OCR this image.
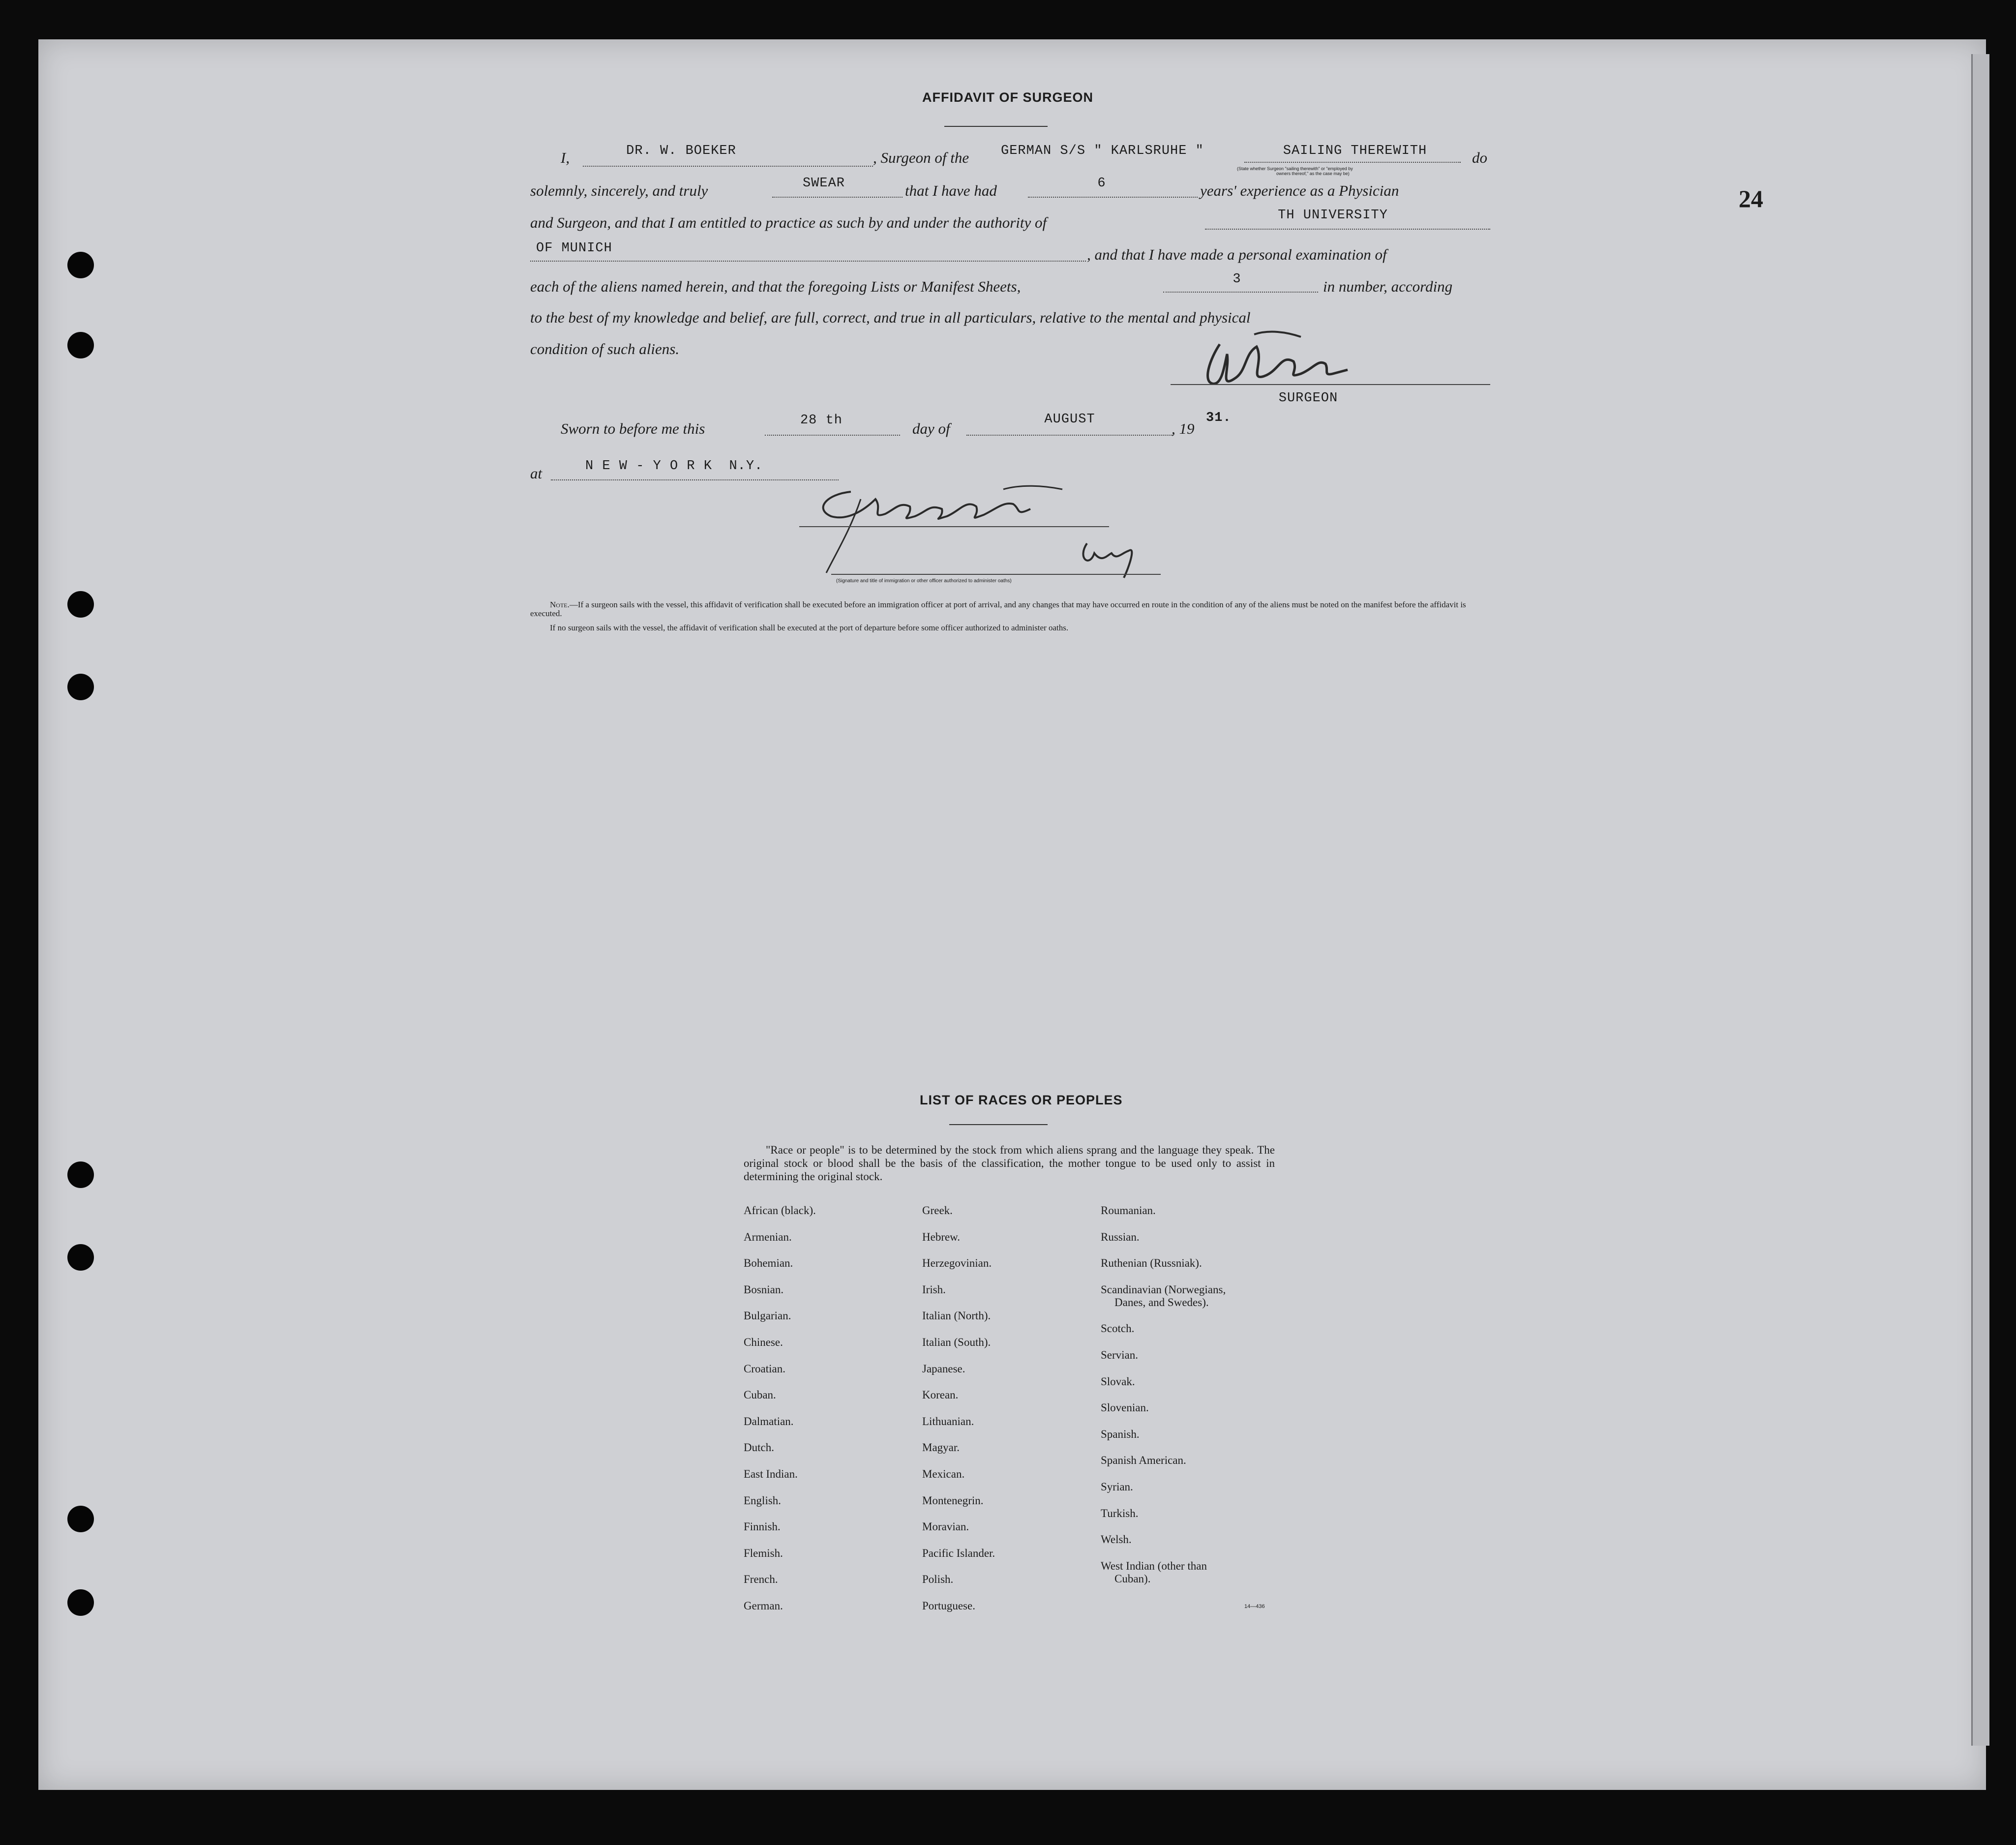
24
AFFIDAVIT OF SURGEON
I,	DR. W. BOEKER	, Surgeon of the GERMAN S/S " KARLSRUHE "	SAILING THEREWITH
(State whether Surgeon "sailing therewith" or "employed by
owners thereof," as the case may be)
do
solemnly, sincerely, and truly	SWEAR	that I have had	6	years' experience as a Physician
and Surgeon, and that I am entitled to practice as such by and under the authority of	TH UNIVERSITY
OF MUNICH	, and that I have made a personal examination of
each of the aliens named herein, and that the foregoing Lists or Manifest Sheets,	3	in number, according
to the best of my knowledge and belief, are full, correct, and true in all particulars, relative to the mental and physical
condition of such aliens.
SURGEON
Sworn to before me this	28 th	day of
AUGUST
, 19
31.
at	N E W - Y O R K  N.Y.
(Signature and title of immigration or other officer authorized to administer oaths)
Note.—If a surgeon sails with the vessel, this affidavit of verification shall be executed before an immigration officer at port of arrival, and any changes that may have occurred en route in the condition of any of the aliens must be noted on the manifest before the affidavit is executed.
If no surgeon sails with the vessel, the affidavit of verification shall be executed at the port of departure before some officer authorized to administer oaths.
LIST OF RACES OR PEOPLES
"Race or people" is to be determined by the stock from which aliens sprang and the language they speak. The original stock or blood shall be the basis of the classification, the mother tongue to be used only to assist in determining the original stock.
African (black).
Armenian.
Bohemian.
Bosnian.
Bulgarian.
Chinese.
Croatian.
Cuban.
Dalmatian.
Dutch.
East Indian.
English.
Finnish.
Flemish.
French.
German.
Greek.
Hebrew.
Herzegovinian.
Irish.
Italian (North).
Italian (South).
Japanese.
Korean.
Lithuanian.
Magyar.
Mexican.
Montenegrin.
Moravian.
Pacific Islander.
Polish.
Portuguese.
Roumanian.
Russian.
Ruthenian (Russniak).
Scandinavian (Norwegians,
Danes, and Swedes).
Scotch.
Servian.
Slovak.
Slovenian.
Spanish.
Spanish American.
Syrian.
Turkish.
Welsh.
West Indian (other than
Cuban).
14—436
